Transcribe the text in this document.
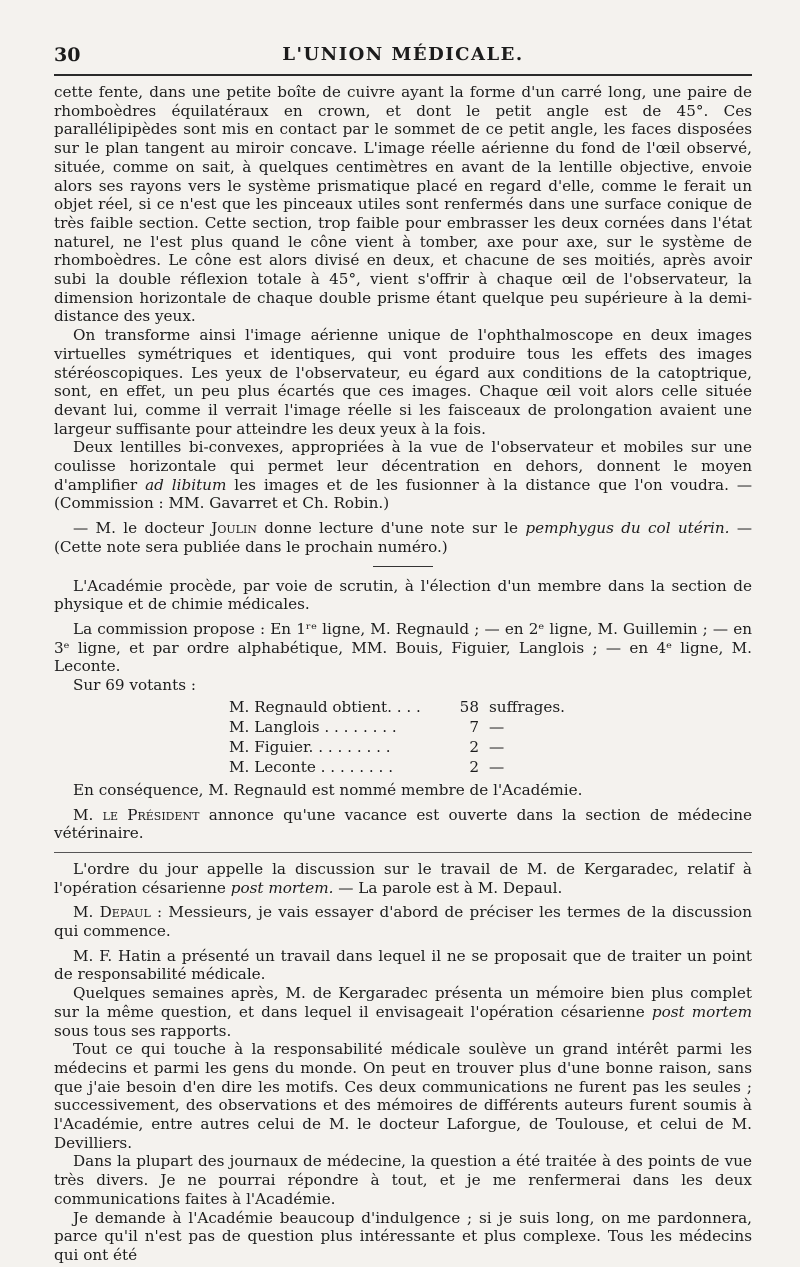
30	L'UNION MÉDICALE.

cette fente, dans une petite boîte de cuivre ayant la forme d'un carré long, une paire de rhomboèdres équilatéraux en crown, et dont le petit angle est de 45°. Ces parallélipipèdes sont mis en contact par le sommet de ce petit angle, les faces disposées sur le plan tangent au miroir concave. L'image réelle aérienne du fond de l'œil observé, située, comme on sait, à quelques centimètres en avant de la lentille objective, envoie alors ses rayons vers le système prismatique placé en regard d'elle, comme le ferait un objet réel, si ce n'est que les pinceaux utiles sont renfermés dans une surface conique de très faible section. Cette section, trop faible pour embrasser les deux cornées dans l'état naturel, ne l'est plus quand le cône vient à tomber, axe pour axe, sur le système de rhomboèdres. Le cône est alors divisé en deux, et chacune de ses moitiés, après avoir subi la double réflexion totale à 45°, vient s'offrir à chaque œil de l'observateur, la dimension horizontale de chaque double prisme étant quelque peu supérieure à la demi-distance des yeux.

On transforme ainsi l'image aérienne unique de l'ophthalmoscope en deux images virtuelles symétriques et identiques, qui vont produire tous les effets des images stéréoscopiques. Les yeux de l'observateur, eu égard aux conditions de la catoptrique, sont, en effet, un peu plus écartés que ces images. Chaque œil voit alors celle située devant lui, comme il verrait l'image réelle si les faisceaux de prolongation avaient une largeur suffisante pour atteindre les deux yeux à la fois.

Deux lentilles bi-convexes, appropriées à la vue de l'observateur et mobiles sur une coulisse horizontale qui permet leur décentration en dehors, donnent le moyen d'amplifier ad libitum les images et de les fusionner à la distance que l'on voudra. — (Commission : MM. Gavarret et Ch. Robin.)

— M. le docteur Joulin donne lecture d'une note sur le pemphygus du col utérin. — (Cette note sera publiée dans le prochain numéro.)

L'Académie procède, par voie de scrutin, à l'élection d'un membre dans la section de physique et de chimie médicales.

La commission propose : En 1ʳᵉ ligne, M. Regnauld ; — en 2ᵉ ligne, M. Guillemin ; — en 3ᵉ ligne, et par ordre alphabétique, MM. Bouis, Figuier, Langlois ; — en 4ᵉ ligne, M. Leconte.

Sur 69 votants :

M. Regnauld obtient. . . .	58	suffrages.
M. Langlois . . . . . . . .	7	—
M. Figuier. . . . . . . . .	2	—
M. Leconte . . . . . . . .	2	—

En conséquence, M. Regnauld est nommé membre de l'Académie.

M. le Président annonce qu'une vacance est ouverte dans la section de médecine vétérinaire.

L'ordre du jour appelle la discussion sur le travail de M. de Kergaradec, relatif à l'opération césarienne post mortem. — La parole est à M. Depaul.

M. Depaul : Messieurs, je vais essayer d'abord de préciser les termes de la discussion qui commence.

M. F. Hatin a présenté un travail dans lequel il ne se proposait que de traiter un point de responsabilité médicale.

Quelques semaines après, M. de Kergaradec présenta un mémoire bien plus complet sur la même question, et dans lequel il envisageait l'opération césarienne post mortem sous tous ses rapports.

Tout ce qui touche à la responsabilité médicale soulève un grand intérêt parmi les médecins et parmi les gens du monde. On peut en trouver plus d'une bonne raison, sans que j'aie besoin d'en dire les motifs. Ces deux communications ne furent pas les seules ; successivement, des observations et des mémoires de différents auteurs furent soumis à l'Académie, entre autres celui de M. le docteur Laforgue, de Toulouse, et celui de M. Devilliers.

Dans la plupart des journaux de médecine, la question a été traitée à des points de vue très divers. Je ne pourrai répondre à tout, et je me renfermerai dans les deux communications faites à l'Académie.

Je demande à l'Académie beaucoup d'indulgence ; si je suis long, on me pardonnera, parce qu'il n'est pas de question plus intéressante et plus complexe. Tous les médecins qui ont été
